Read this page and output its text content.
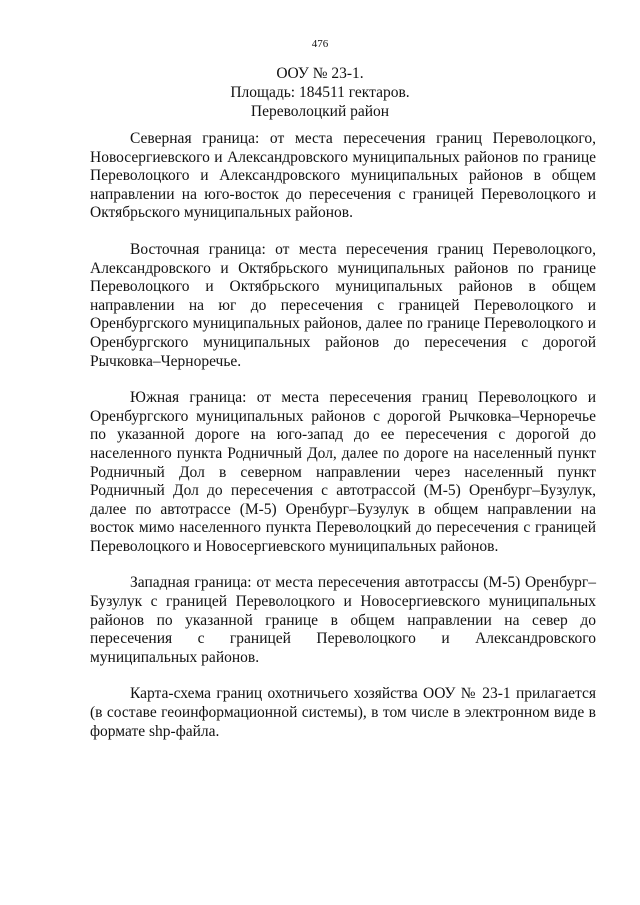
476
ООУ № 23-1.
Площадь: 184511 гектаров.
Переволоцкий район

Северная граница: от места пересечения границ Переволоцкого, Новосергиевского и Александровского муниципальных районов по границе Переволоцкого и Александровского муниципальных районов в общем направлении на юго-восток до пересечения с границей Переволоцкого и Октябрьского муниципальных районов.

Восточная граница: от места пересечения границ Переволоцкого, Александровского и Октябрьского муниципальных районов по границе Переволоцкого и Октябрьского муниципальных районов в общем направлении на юг до пересечения с границей Переволоцкого и Оренбургского муниципальных районов, далее по границе Переволоцкого и Оренбургского муниципальных районов до пересечения с дорогой Рычковка–Черноречье.

Южная граница: от места пересечения границ Переволоцкого и Оренбургского муниципальных районов с дорогой Рычковка–Черноречье по указанной дороге на юго-запад до ее пересечения с дорогой до населенного пункта Родничный Дол, далее по дороге на населенный пункт Родничный Дол в северном направлении через населенный пункт Родничный Дол до пересечения с автотрассой (М-5) Оренбург–Бузулук, далее по автотрассе (М-5) Оренбург–Бузулук в общем направлении на восток мимо населенного пункта Переволоцкий до пересечения с границей Переволоцкого и Новосергиевского муниципальных районов.

Западная граница: от места пересечения автотрассы (М-5) Оренбург–Бузулук с границей Переволоцкого и Новосергиевского муниципальных районов по указанной границе в общем направлении на север до пересечения с границей Переволоцкого и Александровского муниципальных районов.

Карта-схема границ охотничьего хозяйства ООУ № 23-1 прилагается (в составе геоинформационной системы), в том числе в электронном виде в формате shp-файла.
